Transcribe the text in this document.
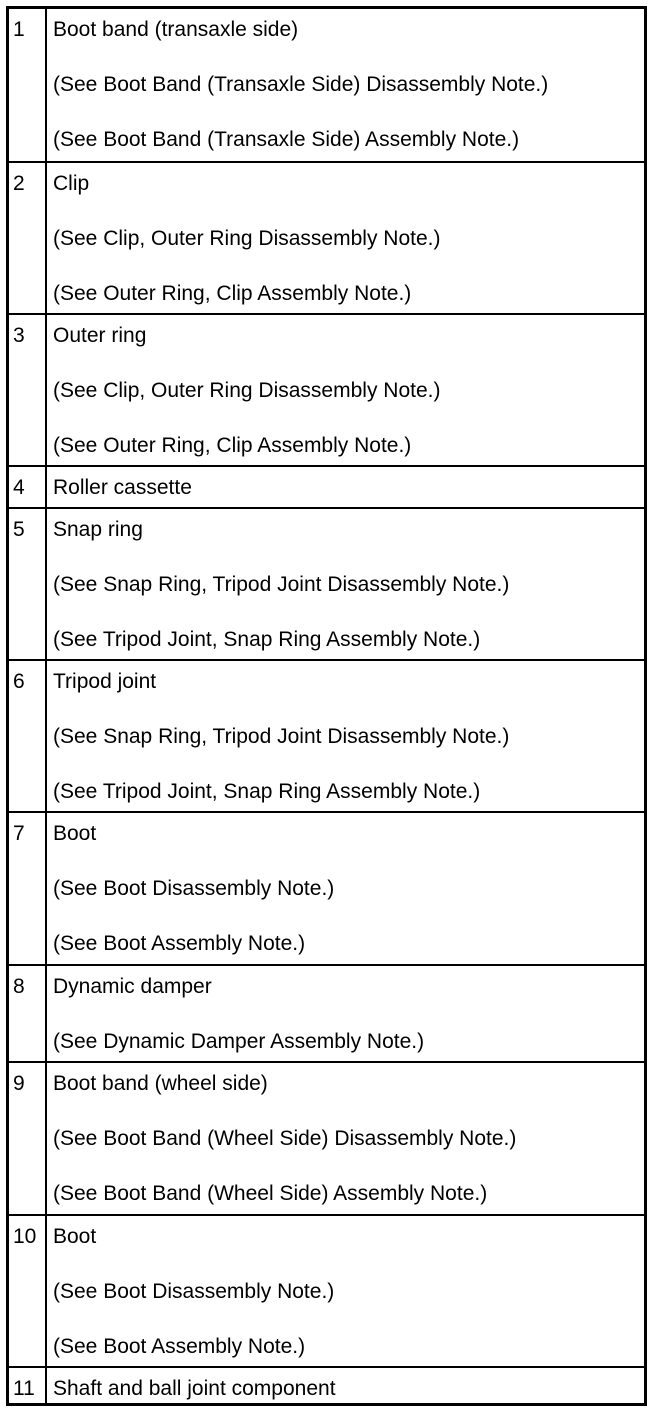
1	Boot band (transaxle side)
(See Boot Band (Transaxle Side) Disassembly Note.)
(See Boot Band (Transaxle Side) Assembly Note.)
2	Clip
(See Clip, Outer Ring Disassembly Note.)
(See Outer Ring, Clip Assembly Note.)
3	Outer ring
(See Clip, Outer Ring Disassembly Note.)
(See Outer Ring, Clip Assembly Note.)
4	Roller cassette
5	Snap ring
(See Snap Ring, Tripod Joint Disassembly Note.)
(See Tripod Joint, Snap Ring Assembly Note.)
6	Tripod joint
(See Snap Ring, Tripod Joint Disassembly Note.)
(See Tripod Joint, Snap Ring Assembly Note.)
7	Boot
(See Boot Disassembly Note.)
(See Boot Assembly Note.)
8	Dynamic damper
(See Dynamic Damper Assembly Note.)
9	Boot band (wheel side)
(See Boot Band (Wheel Side) Disassembly Note.)
(See Boot Band (Wheel Side) Assembly Note.)
10 Boot
(See Boot Disassembly Note.)
(See Boot Assembly Note.)
11 Shaft and ball joint component
